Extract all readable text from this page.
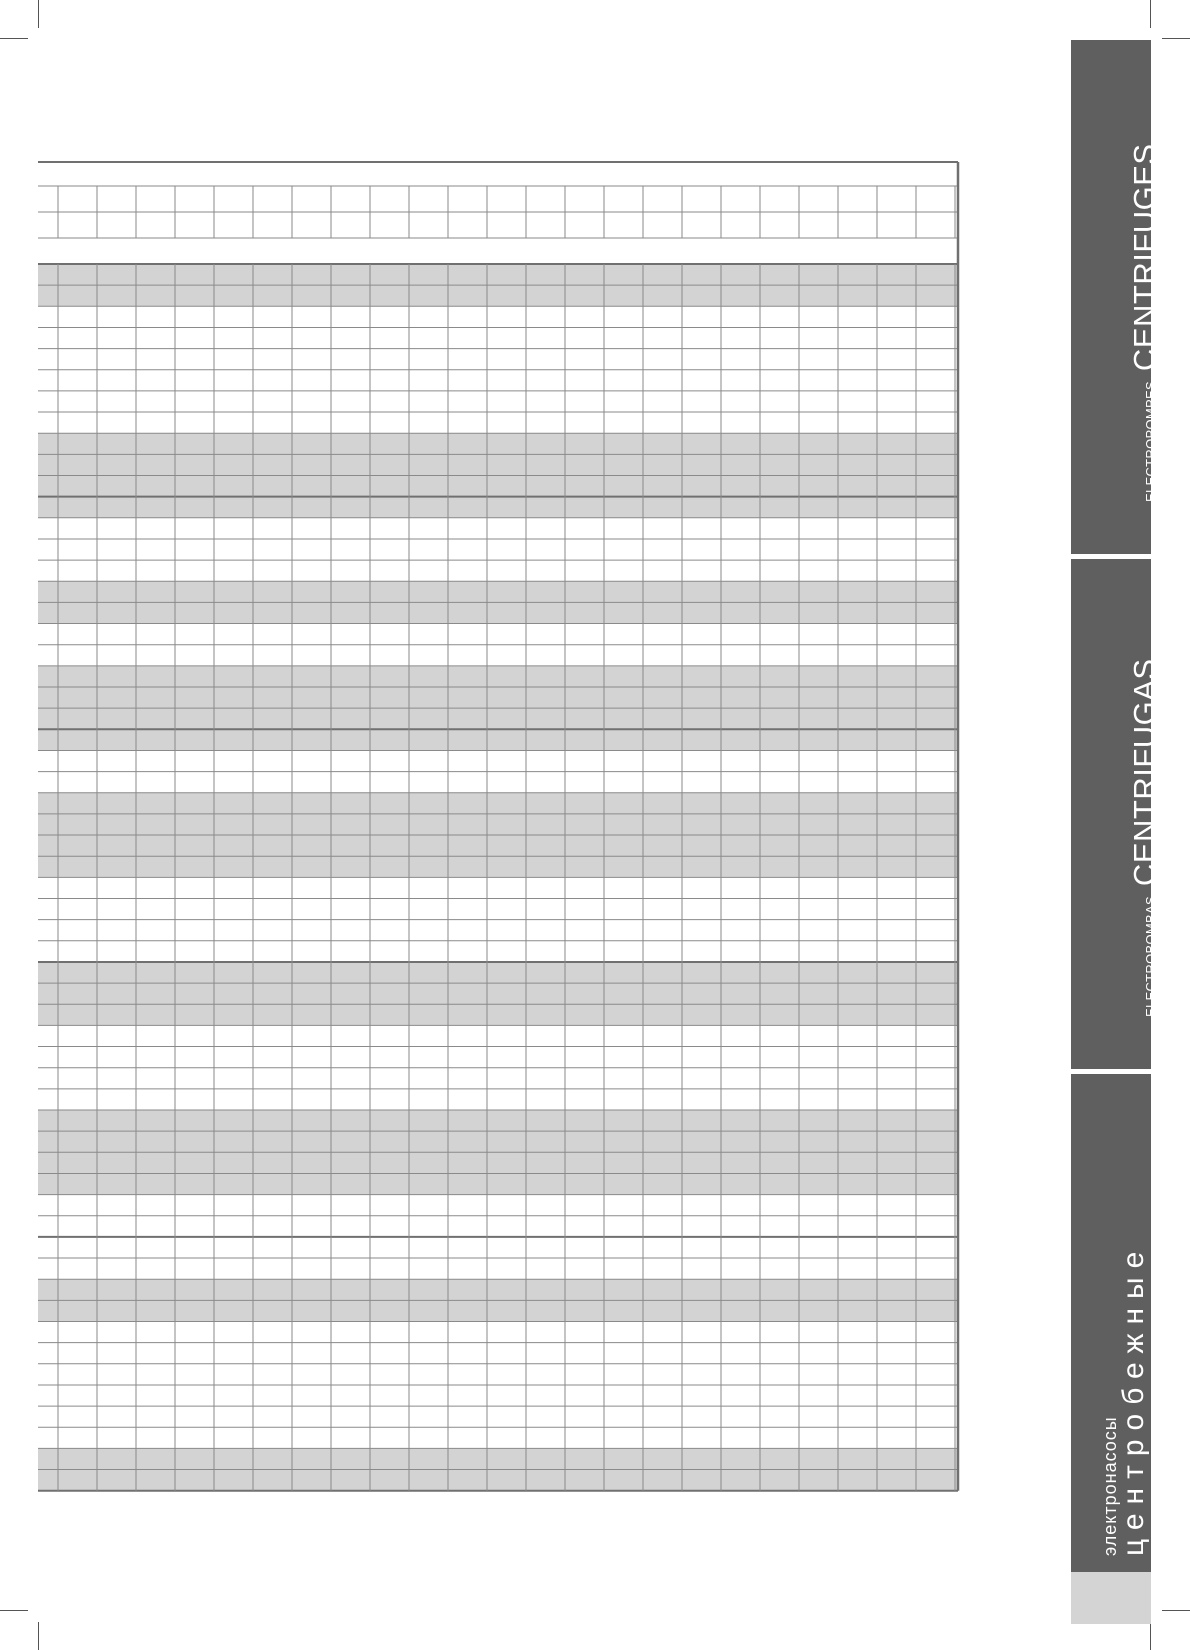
ELECTROPOMPES
CENTRIFUGES
ELECTROBOMBAS
CENTRIFUGAS
электронасосы
центробежные
